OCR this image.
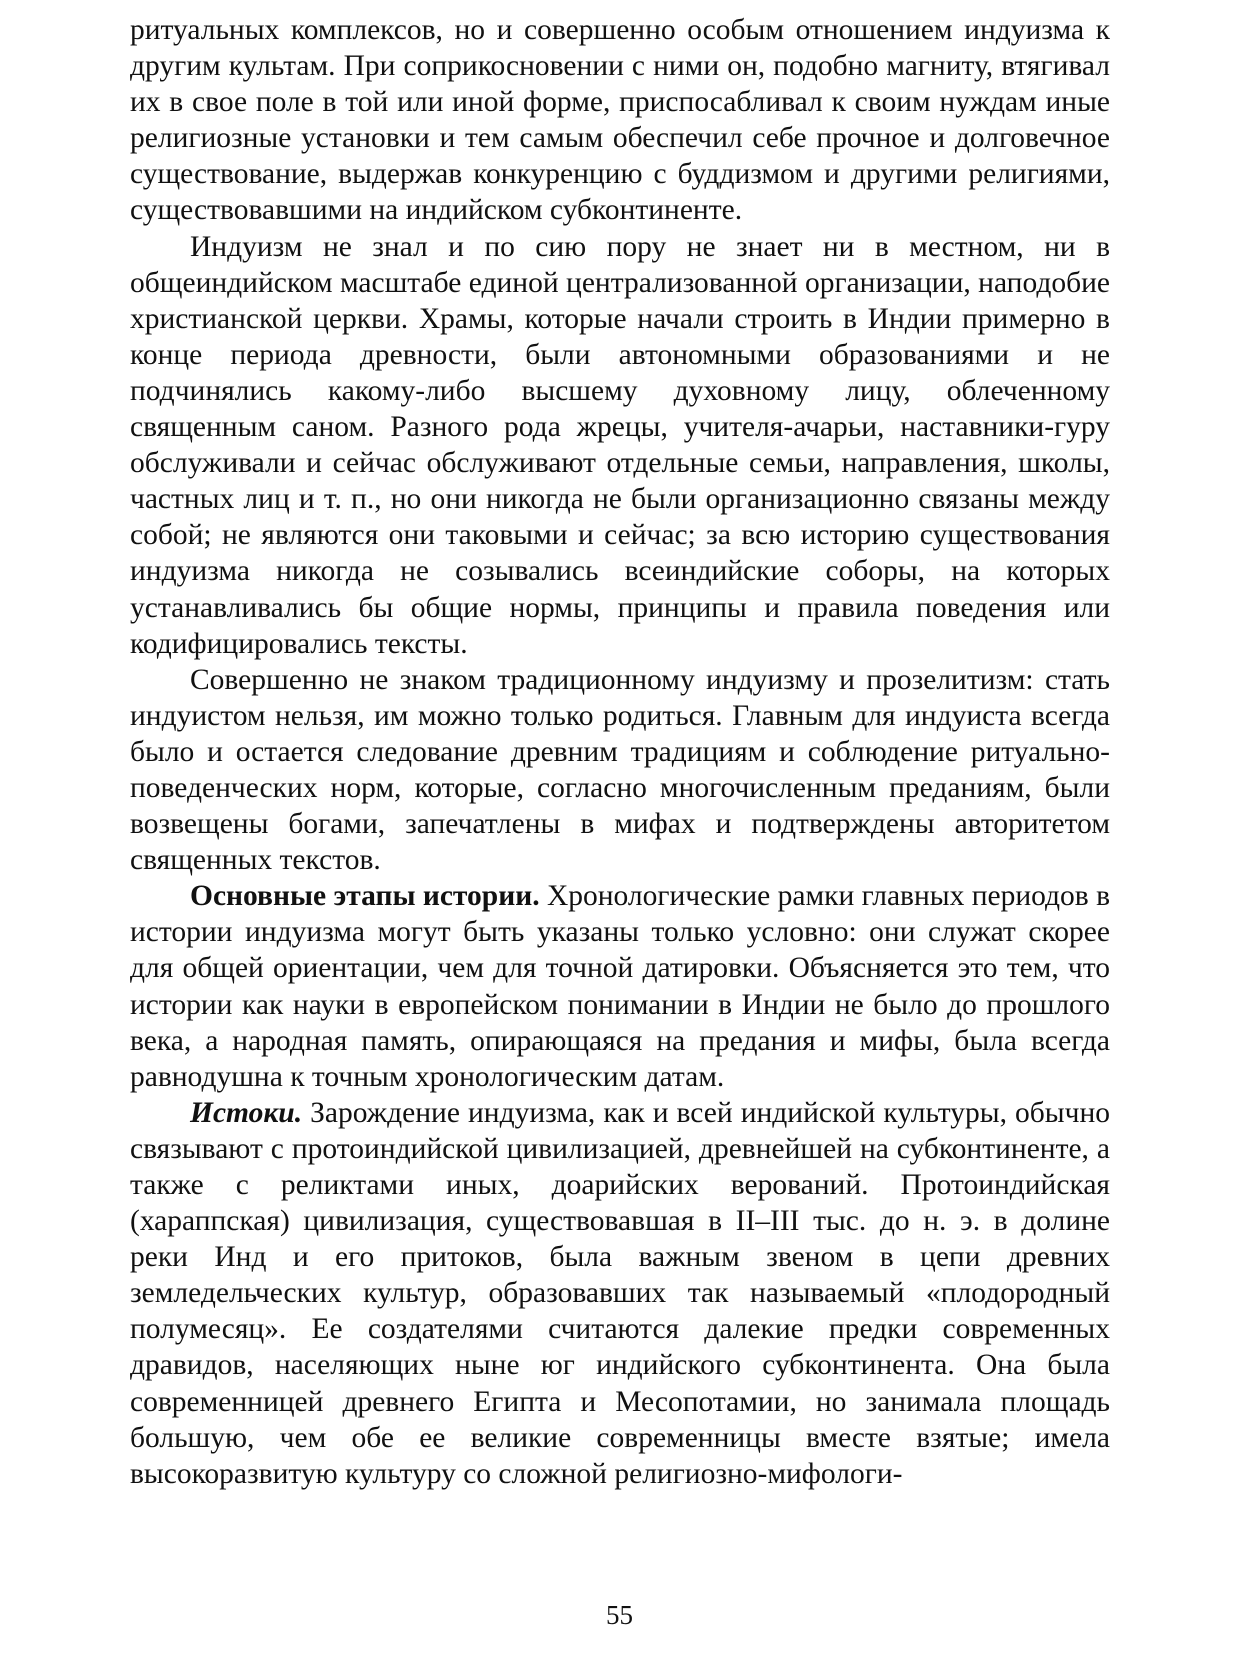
ритуальных комплексов, но и совершенно особым отношением индуизма к другим культам. При соприкосновении с ними он, подобно магниту, втягивал их в свое поле в той или иной форме, приспосабливал к своим нуждам иные религиозные установки и тем самым обеспечил себе прочное и долговечное существование, выдержав конкуренцию с буддизмом и другими религиями, существовавшими на индийском субконтиненте.

Индуизм не знал и по сию пору не знает ни в местном, ни в общеиндийском масштабе единой централизованной организации, наподобие христианской церкви. Храмы, которые начали строить в Индии примерно в конце периода древности, были автономными образованиями и не подчинялись какому-либо высшему духовному лицу, облеченному священным саном. Разного рода жрецы, учителя-ачарьи, наставники-гуру обслуживали и сейчас обслуживают отдельные семьи, направления, школы, частных лиц и т. п., но они никогда не были организационно связаны между собой; не являются они таковыми и сейчас; за всю историю существования индуизма никогда не созывались всеиндийские соборы, на которых устанавливались бы общие нормы, принципы и правила поведения или кодифицировались тексты.

Совершенно не знаком традиционному индуизму и прозелитизм: стать индуистом нельзя, им можно только родиться. Главным для индуиста всегда было и остается следование древним традициям и соблюдение ритуально-поведенческих норм, которые, согласно многочисленным преданиям, были возвещены богами, запечатлены в мифах и подтверждены авторитетом священных текстов.

Основные этапы истории. Хронологические рамки главных периодов в истории индуизма могут быть указаны только условно: они служат скорее для общей ориентации, чем для точной датировки. Объясняется это тем, что истории как науки в европейском понимании в Индии не было до прошлого века, а народная память, опирающаяся на предания и мифы, была всегда равнодушна к точным хронологическим датам.

Истоки. Зарождение индуизма, как и всей индийской культуры, обычно связывают с протоиндийской цивилизацией, древнейшей на субконтиненте, а также с реликтами иных, доарийских верований. Протоиндийская (хараппская) цивилизация, существовавшая в II–III тыс. до н. э. в долине реки Инд и его притоков, была важным звеном в цепи древних земледельческих культур, образовавших так называемый «плодородный полумесяц». Ее создателями считаются далекие предки современных дравидов, населяющих ныне юг индийского субконтинента. Она была современницей древнего Египта и Месопотамии, но занимала площадь большую, чем обе ее великие современницы вместе взятые; имела высокоразвитую культуру со сложной религиозно-мифологи-

55
